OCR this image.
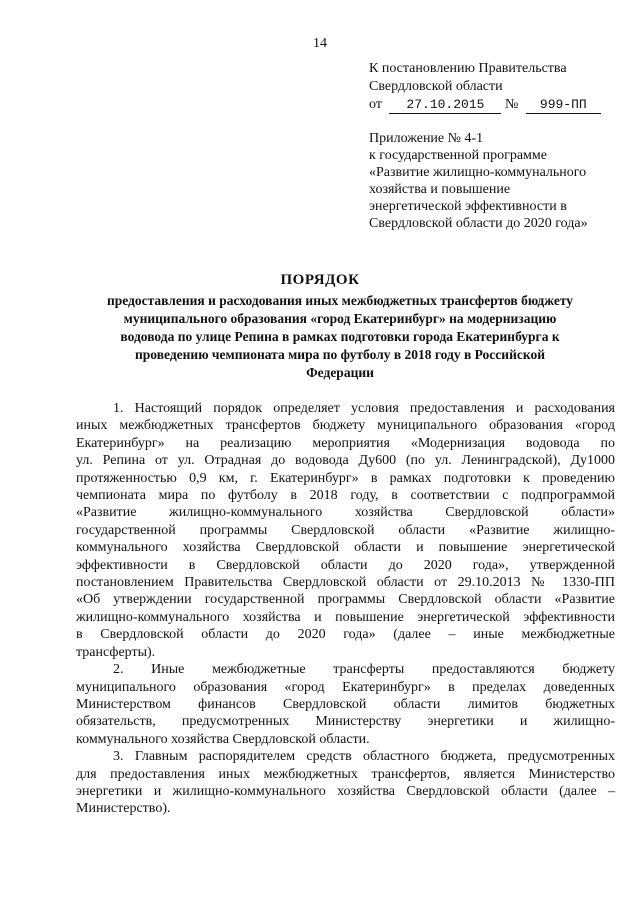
14
К постановлению Правительства
Свердловской области
от 27.10.2015 № 999-ПП
Приложение № 4-1
к государственной программе
«Развитие жилищно-коммунального
хозяйства и повышение
энергетической эффективности в
Свердловской области до 2020 года»
ПОРЯДОК
предоставления и расходования иных межбюджетных трансфертов бюджету
муниципального образования «город Екатеринбург» на модернизацию
водовода по улице Репина в рамках подготовки города Екатеринбурга к
проведению чемпионата мира по футболу в 2018 году в Российской
Федерации
1. Настоящий порядок определяет условия предоставления и расходования
иных межбюджетных трансфертов бюджету муниципального образования «город
Екатеринбург» на реализацию мероприятия «Модернизация водовода по
ул. Репина от ул. Отрадная до водовода Ду600 (по ул. Ленинградской), Ду1000
протяженностью 0,9 км, г. Екатеринбург» в рамках подготовки к проведению
чемпионата мира по футболу в 2018 году, в соответствии с подпрограммой
«Развитие жилищно-коммунального хозяйства Свердловской области»
государственной программы Свердловской области «Развитие жилищно-
коммунального хозяйства Свердловской области и повышение энергетической
эффективности в Свердловской области до 2020 года», утвержденной
постановлением Правительства Свердловской области от 29.10.2013 № 1330-ПП
«Об утверждении государственной программы Свердловской области «Развитие
жилищно-коммунального хозяйства и повышение энергетической эффективности
в Свердловской области до 2020 года» (далее – иные межбюджетные
трансферты).
2. Иные межбюджетные трансферты предоставляются бюджету
муниципального образования «город Екатеринбург» в пределах доведенных
Министерством финансов Свердловской области лимитов бюджетных
обязательств, предусмотренных Министерству энергетики и жилищно-
коммунального хозяйства Свердловской области.
3. Главным распорядителем средств областного бюджета, предусмотренных
для предоставления иных межбюджетных трансфертов, является Министерство
энергетики и жилищно-коммунального хозяйства Свердловской области (далее –
Министерство).
